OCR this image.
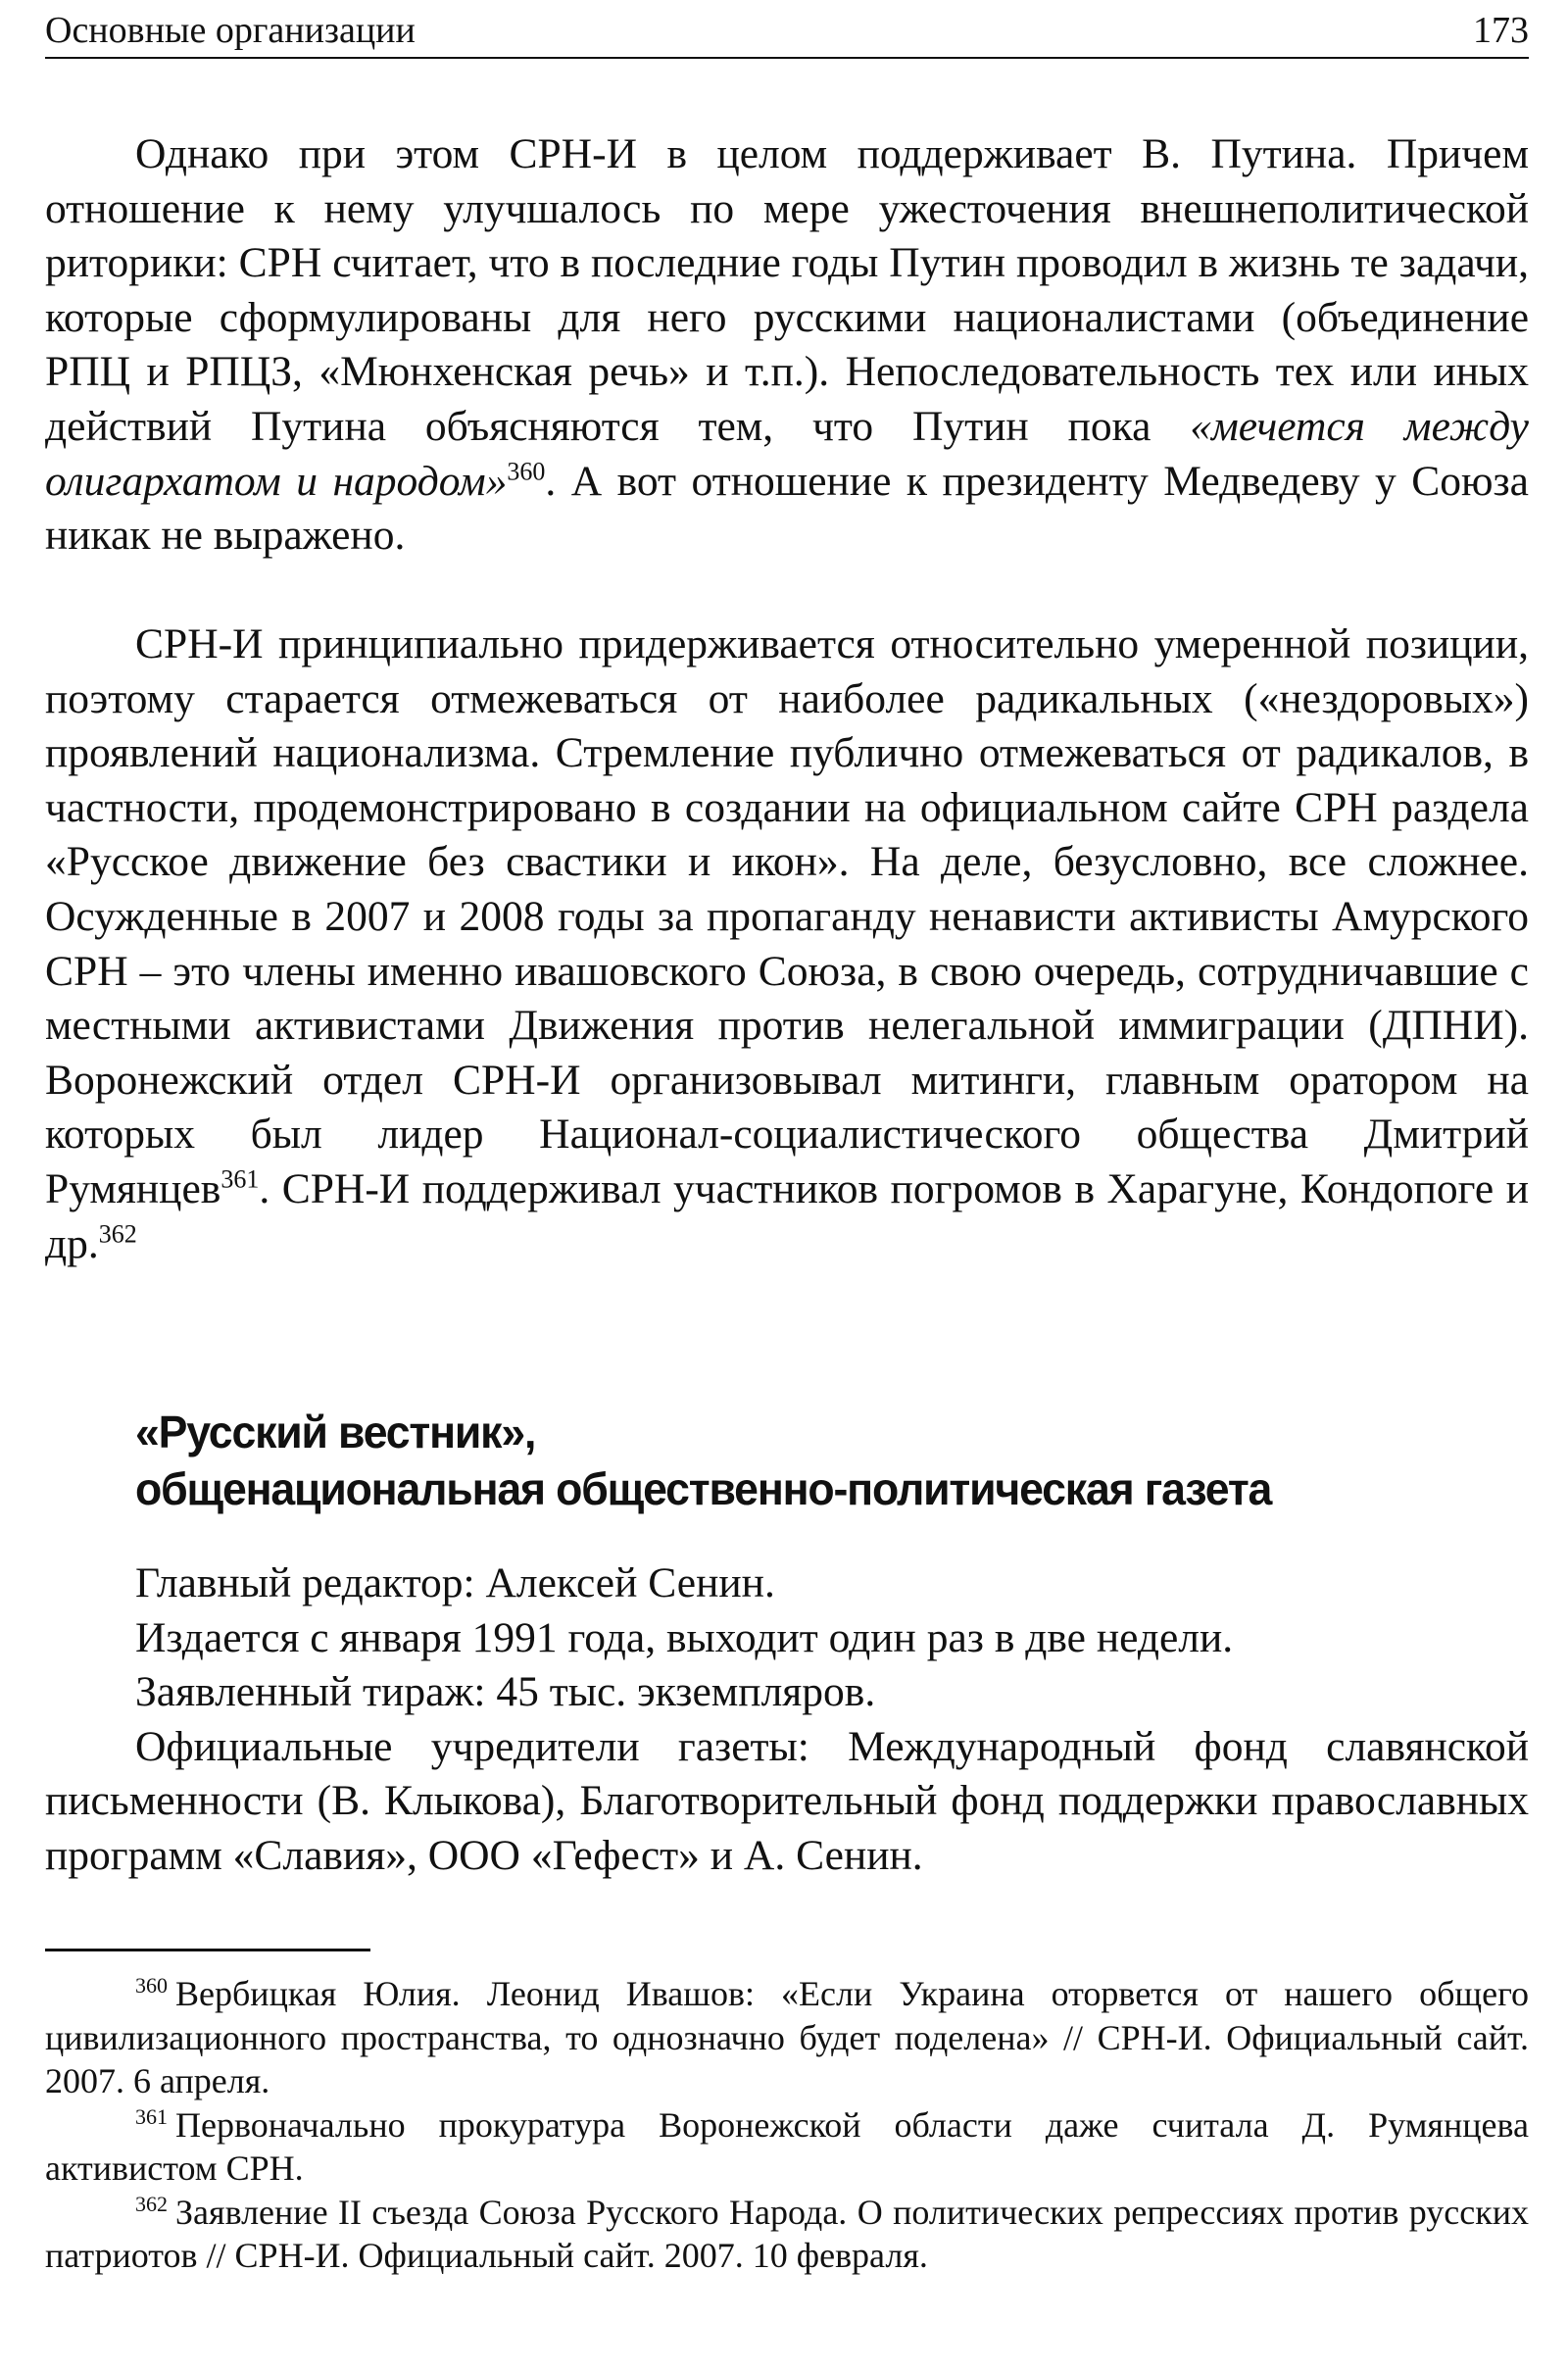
Основные организации	173

Однако при этом СРН-И в целом поддерживает В. Путина. Причем отношение к нему улучшалось по мере ужесточения внешнеполитической риторики: СРН считает, что в последние годы Путин проводил в жизнь те задачи, которые сформулированы для него русскими националистами (объединение РПЦ и РПЦЗ, «Мюнхенская речь» и т.п.). Непоследовательность тех или иных действий Путина объясняются тем, что Путин пока «мечется между олигархатом и народом»$^{360}$. А вот отношение к президенту Медведеву у Союза никак не выражено.

СРН-И принципиально придерживается относительно умеренной позиции, поэтому старается отмежеваться от наиболее радикальных («нездоровых») проявлений национализма. Стремление публично отмежеваться от радикалов, в частности, продемонстрировано в создании на официальном сайте СРН раздела «Русское движение без свастики и икон». На деле, безусловно, все сложнее. Осужденные в 2007 и 2008 годы за пропаганду ненависти активисты Амурского СРН – это члены именно ивашовского Союза, в свою очередь, сотрудничавшие с местными активистами Движения против нелегальной иммиграции (ДПНИ). Воронежский отдел СРН-И организовывал митинги, главным оратором на которых был лидер Национал-социалистического общества Дмитрий Румянцев$^{361}$. СРН-И поддерживал участников погромов в Харагуне, Кондопоге и др.$^{362}$

«Русский вестник»,
общенациональная общественно-политическая газета
Главный редактор: Алексей Сенин.
Издается с января 1991 года, выходит один раз в две недели.
Заявленный тираж: 45 тыс. экземпляров.

Официальные учредители газеты: Международный фонд славянской письменности (В. Клыкова), Благотворительный фонд поддержки православных программ «Славия», ООО «Гефест» и А. Сенин.

$^{360}$ Вербицкая Юлия. Леонид Ивашов: «Если Украина оторвется от нашего общего цивилизационного пространства, то однозначно будет поделена» // СРН-И. Официальный сайт. 2007. 6 апреля.

$^{361}$ Первоначально прокуратура Воронежской области даже считала Д. Румянцева активистом СРН.

$^{362}$ Заявление II съезда Союза Русского Народа. О политических репрессиях против русских патриотов // СРН-И. Официальный сайт. 2007. 10 февраля.
